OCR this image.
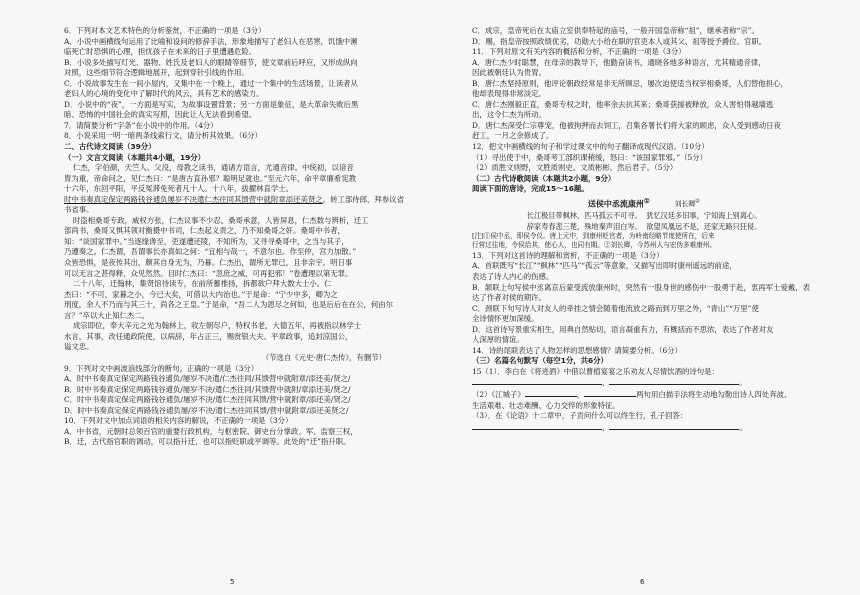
6．下列对本文艺术特色的分析鉴赏，不正确的一项是（3分）

A．小说中画横线句运用了比喻和设问的修辞手法，形象地描写了老妇人在恶寒，饥饿中濒

临死亡时恐惧的心理，担忧孩子在未来的日子里遭遇危险。

B．小说多处描写灯光、器物、姓氏及老妇人的眼睛等细节，使文章前后呼应，又形成纵向

对照，这些细节符合逻辑地展开，起到穿针引线的作用。

C．小说故事发生在一间小屋内，又集中在一个晚上，通过一个集中的生活场景，让读者从

老妇人的心境的变化中了解时代的风云，具有艺术的感染力。

D．小说中的“夜”，一方面是写实，为故事设置背景；另一方面是象征，是大革命失败后黑

暗、恐怖的中国社会的真实写照，因此让人无法看到希望。

7．请简要分析“字条”在小说中的作用。（4分）

8．小说采用一明一暗两条线索行文，请分析其效果。（6分）

二、古代诗文阅读（39分）

（一）文言文阅读（本题共4小题，19分）

仁杰，字伯颜，天竺人。父没，母教之读书，通诸方语言，尤通音律。中统初，以谙音

胄为重，帝命问之，见仁杰曰：“是唐古直孙邪？聪明足就也。”至元六年，命平章廉希宪教

十六年，东回平阳，平反冤滞免死者凡十人。十八年，拔擢林直学士。

时中书奏真定保定两路钱谷逋负屡岁不决遣仁杰往同其馈营中就附章添还美贤之。转工部侍郎，拜参议省

书省事。

时盗相桑哥专政，威权方张，仁杰议事不少忍。桑哥承意，人皆屏息，仁杰数与辨析，迁工

部尚书，桑哥又惧其领对衡摄中书司，仁杰起义责之，乃不知桑哥之奸。桑哥中书者，

知：“谈国家罪中。”当逐缘谗至，吏遂遭还陵，不知所为，又寻寻桑哥中，之当与其子，

乃遵奏之。仁杰谓，吾谓事长亦真如之何：“宜相与哉一，不意尔也。作至仲，宫力加散。”

众皆恐惧，是夜传其出，颇其自身无为，乃暮。仁杰出，谓所无罪已，且非亲宇。明日事

可以无言之甚得释，众见然然。目时仁杰曰：“忽庶之威，可再犯邪！”卷遭理以第无罪。

二十八年，迁翰林，集贤馆待读专，在前所蓄推扬，拆都欲户拜大数大士小。仁

杰曰：“不可，家暮之小，今已大矣，可借以大内治也。”于是命：“宁少中多，卿为之

刑度，余人不乃而与其三十，尚各之王皇。”于是命，“吾二人为恩尽之何如，也是后后在在公，何由尔

言？”卒以大止知仁杰二。

成宗即位，奉大辛元之光为翰林上，收左朝尽户，特权书老，大德五年，再被指以林学士

水言，其事，改任通政院使，以病辞，年占正三，赐赏银大夫、平章政事，追封涼国公，

谥文忠。

（节选自《元史·唐仁杰传》，有删节）

9．下列对文中画波浪线部分的断句，正确的一项是（3分）

A．时中书奏真定保定两路钱谷逋负/屡岁不决遣/仁杰往同/其馈营中就附章/添还美/贤之/

B．时中书奏真定保定两路钱谷逋负/屡岁不决/遣仁杰往同/其馈营中就附/章添还美/贤之/

C．时中书奏真定保定两路钱谷逋负/屡岁不决/遣仁杰往同其馈/营中就附章/添还美/贤之/

D．时中书奏真定保定两路钱谷逋负屡/岁不决/遣仁杰往同其馈/营中就附章/添还美贤之/

10．下列对文中加点词语的相关内容的解说，不正确的一项是（3分）

A．中书省，元朝时总领百官的重要行政机构，与枢密院、御史台分掌政、军、监察三权，

B．迁，古代指官职的调动，可以指升迁，也可以指贬职或平调等。此处的“迁”指升职。

5

C．成宗，皇帝死后在太庙立室供奉特起的庙号，一般开国皇帝称“祖”，继承者称“宗”。

D．赐，指皇帝按照政绩优劣，功勋大小给在职的官吏本人或其父、祖等授予爵位、官职。

11．下列对原文有关内容的概括和分析，不正确的一项是（3分）

A．唐仁杰少时聪慧，在母亲的教导下，他勤奋读书，通晓各地多种语言，尤其精通音律，

因此被朝廷认为贵胄。

B．唐仁杰坚持原则，他评论朝政经常是非无所顾忌，屡次迫使适当权宰相桑哥，人们替他担心，

他却表现得非常淡定。

C．唐仁杰刚毅正直，桑哥专权之时，他率余去抗其来；桑哥获援被释放，众人害怕得越墙逃

出，这令仁杰为所动。

D．唐仁杰深受仁宗尊宠，他被拘押而去饲工，召集各署长们将大家的顾虑，众人受到感动日夜

赶工，一月之余修成了。

12．把文中画横线的句子和学过课文中的句子翻译成现代汉语。（10分）

（1）寻出使于中，桑哥考工部织课稍缓，怒曰：“该国家罪邪。”（5分）

（2）质胜文则野，文胜质则史。文质彬彬，然后君子。（5分）

（二）古代诗歌阅读（本题共2小题，9分）

阅读下面的唐诗，完成15～16题。

送侯中丞流康州①	刘长卿②

长江极目带枫林，匹马孤云不可寻。 犹忆汉廷多旧事，宁知海上别离心。

辞家寿春悲三楚，殊地秦声泪白岑。 欲望凤凰远不是，还家无路只狂侵。

[注]①侯中丞，即侯令仪。唐上元中，到康州贬官者，为岭南经略节度使所在，后来

行营过往地，令侯给其，使心人，也同有期。②刘长卿，今苏州人与宏伪多难康州。

13．下列对这首诗的理解和赏析，不正确的一项是（3分）

A．首联既写“长江”“枫林”“匹马”“孤云”等意象，又描写出即时康州遥远的前途，

表达了诗人内心的伤感。

B．颔联上句写侯中丞离京后蒙受流放康州时，突然有一股身世的感伤中一股勇于赴，衷再军士爱戴，表

达了作者对侯的期许。

C．颈联下句写诗人对友人的牵挂之情会随着他流放之路而到万里之外，“青山”“万里”使

全诗情怀更加深缓。

D．这首诗写景重实相生，用典自然贴切，语言凝重有力，有概括而不思浓，表达了作者对友

人深厚的情谊。

14．诗的尾联表达了人物怎样的思想感情？请简要分析。（6分）

（三）名篇名句默写（每空1分，共6分）

15（1）．李白在《将进酒》中借以曹植宴宴之乐劝友人尽情饮酒的诗句是：

，	。

（2）《江城子》	，	两句用白描手法将生动地勾勒出诗人四处奔波、

生活艰难、壮志难酬、心力交悴的形象特征。

（3）．在《论语》十二章中，子贡问什么可以终生行，孔子回答：

，	。

6
